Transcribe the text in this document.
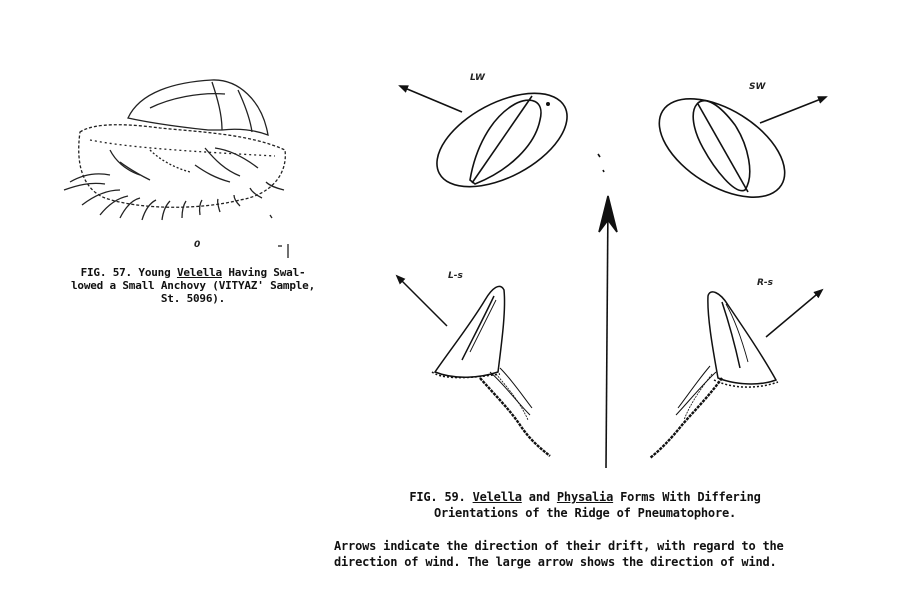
LW
SW
L-s
R-s
0
FIG. 57. Young Velella Having Swal-
lowed a Small Anchovy (VITYAZ' Sample,
St. 5096).
FIG. 59. Velella and Physalia Forms With Differing
Orientations of the Ridge of Pneumatophore.
Arrows indicate the direction of their drift, with regard to the
direction of wind. The large arrow shows the direction of wind.
